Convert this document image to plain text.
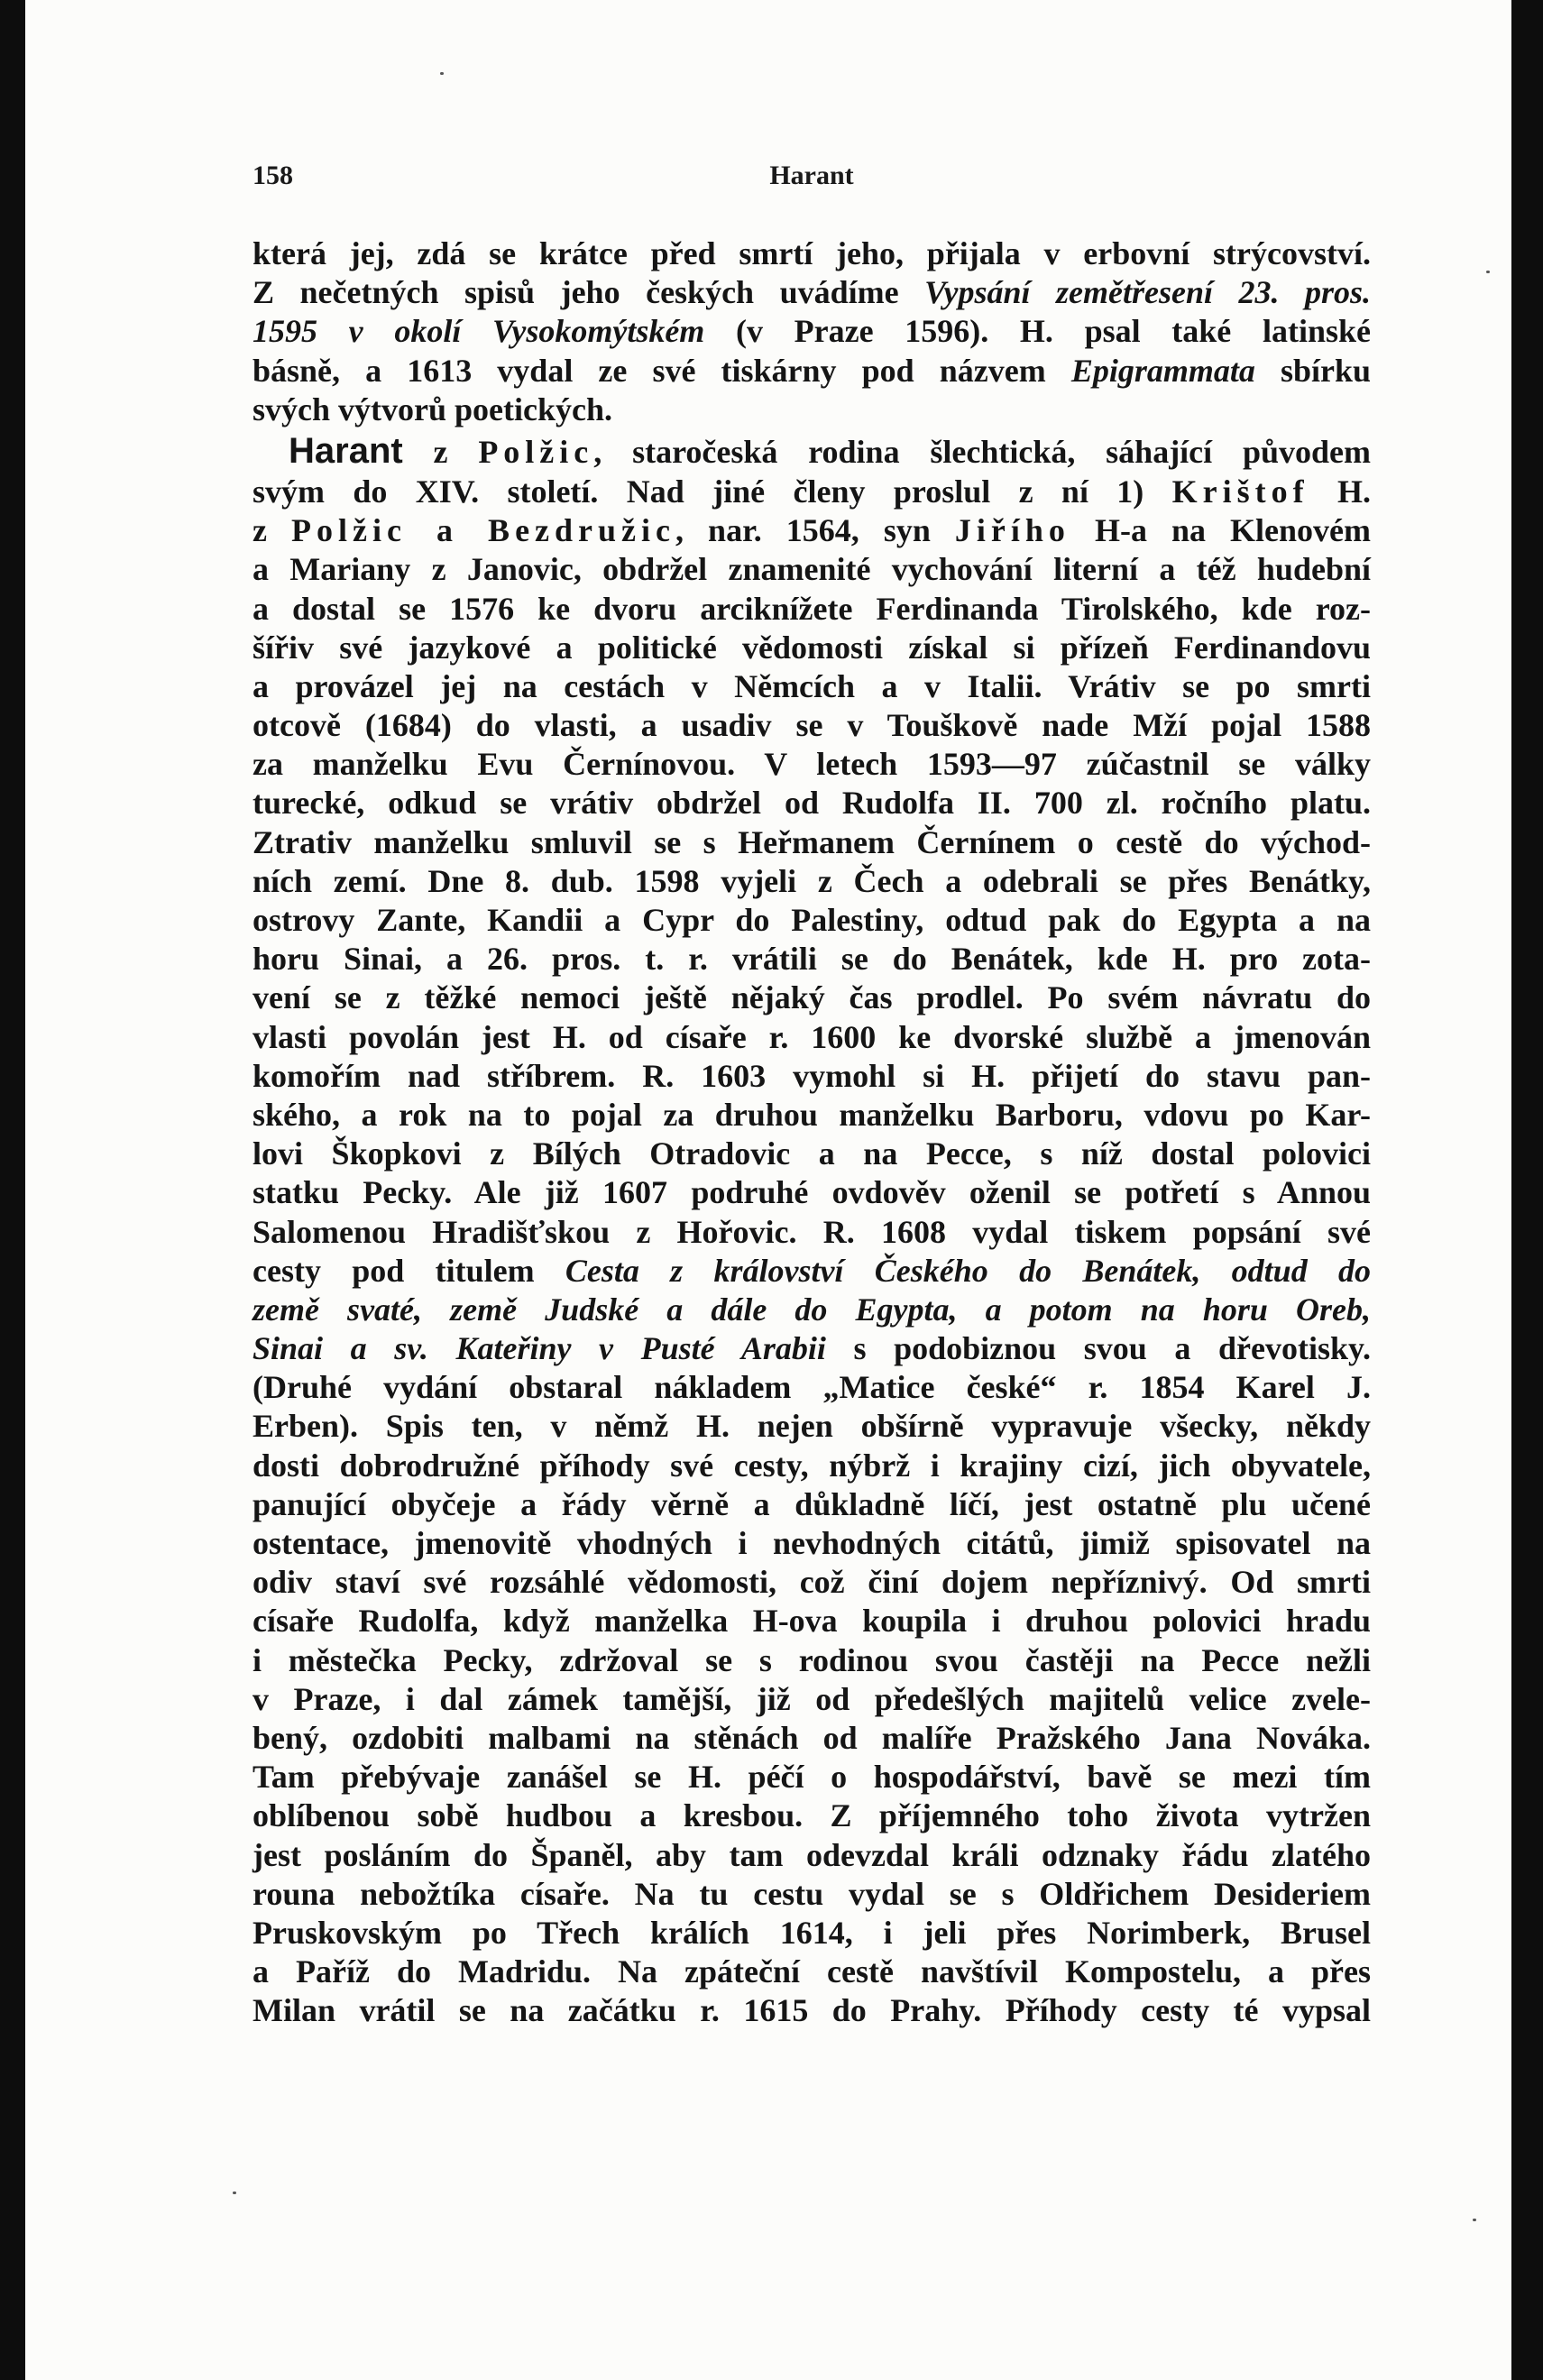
158	Harant
která jej, zdá se krátce před smrtí jeho, přijala v erbovní strýcovství.
Z nečetných spisů jeho českých uvádíme Vypsání zemětřesení 23. pros.
1595 v okolí Vysokomýtském (v Praze 1596). H. psal také latinské
básně, a 1613 vydal ze své tiskárny pod názvem Epigrammata sbírku
svých výtvorů poetických.
Harant z Polžic, staročeská rodina šlechtická, sáhající původem
svým do XIV. století. Nad jiné členy proslul z ní 1) Krištof H.
z Polžic a Bezdružic, nar. 1564, syn Jiřího H-a na Klenovém
a Mariany z Janovic, obdržel znamenité vychování literní a též hudební
a dostal se 1576 ke dvoru arciknížete Ferdinanda Tirolského, kde roz-
šířiv své jazykové a politické vědomosti získal si přízeň Ferdinandovu
a provázel jej na cestách v Němcích a v Italii. Vrátiv se po smrti
otcově (1684) do vlasti, a usadiv se v Touškově nade Mží pojal 1588
za manželku Evu Černínovou. V letech 1593—97 zúčastnil se války
turecké, odkud se vrátiv obdržel od Rudolfa II. 700 zl. ročního platu.
Ztrativ manželku smluvil se s Heřmanem Černínem o cestě do východ-
ních zemí. Dne 8. dub. 1598 vyjeli z Čech a odebrali se přes Benátky,
ostrovy Zante, Kandii a Cypr do Palestiny, odtud pak do Egypta a na
horu Sinai, a 26. pros. t. r. vrátili se do Benátek, kde H. pro zota-
vení se z těžké nemoci ještě nějaký čas prodlel. Po svém návratu do
vlasti povolán jest H. od císaře r. 1600 ke dvorské službě a jmenován
komořím nad stříbrem. R. 1603 vymohl si H. přijetí do stavu pan-
ského, a rok na to pojal za druhou manželku Barboru, vdovu po Kar-
lovi Škopkovi z Bílých Otradovic a na Pecce, s níž dostal polovici
statku Pecky. Ale již 1607 podruhé ovdověv oženil se potřetí s Annou
Salomenou Hradišťskou z Hořovic. R. 1608 vydal tiskem popsání své
cesty pod titulem Cesta z království Českého do Benátek, odtud do
země svaté, země Judské a dále do Egypta, a potom na horu Oreb,
Sinai a sv. Kateřiny v Pusté Arabii s podobiznou svou a dřevotisky.
(Druhé vydání obstaral nákladem „Matice české“ r. 1854 Karel J.
Erben). Spis ten, v němž H. nejen obšírně vypravuje všecky, někdy
dosti dobrodružné příhody své cesty, nýbrž i krajiny cizí, jich obyvatele,
panující obyčeje a řády věrně a důkladně líčí, jest ostatně plu učené
ostentace, jmenovitě vhodných i nevhodných citátů, jimiž spisovatel na
odiv staví své rozsáhlé vědomosti, což činí dojem nepříznivý. Od smrti
císaře Rudolfa, když manželka H-ova koupila i druhou polovici hradu
i městečka Pecky, zdržoval se s rodinou svou častěji na Pecce nežli
v Praze, i dal zámek tamější, již od předešlých majitelů velice zvele-
bený, ozdobiti malbami na stěnách od malíře Pražského Jana Nováka.
Tam přebývaje zanášel se H. péčí o hospodářství, bavě se mezi tím
oblíbenou sobě hudbou a kresbou. Z příjemného toho života vytržen
jest posláním do Španěl, aby tam odevzdal králi odznaky řádu zlatého
rouna nebožtíka císaře. Na tu cestu vydal se s Oldřichem Desideriem
Pruskovským po Třech králích 1614, i jeli přes Norimberk, Brusel
a Paříž do Madridu. Na zpáteční cestě navštívil Kompostelu, a přes
Milan vrátil se na začátku r. 1615 do Prahy. Příhody cesty té vypsal
